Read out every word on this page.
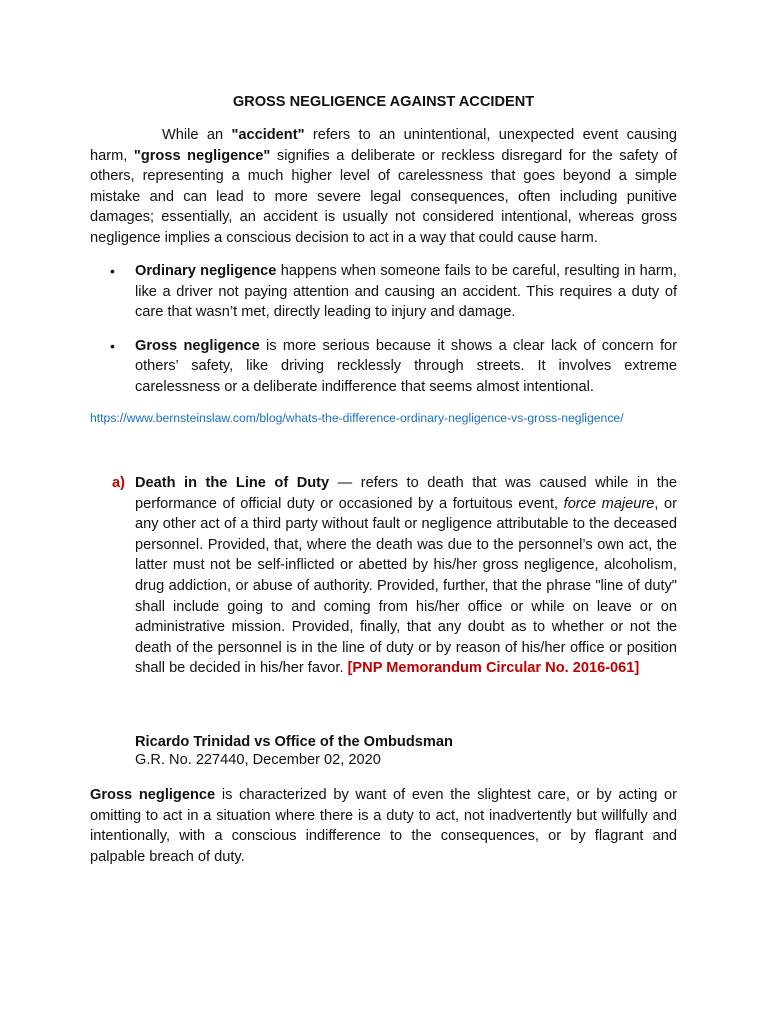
GROSS NEGLIGENCE AGAINST ACCIDENT

While an "accident" refers to an unintentional, unexpected event causing harm, "gross negligence" signifies a deliberate or reckless disregard for the safety of others, representing a much higher level of carelessness that goes beyond a simple mistake and can lead to more severe legal consequences, often including punitive damages; essentially, an accident is usually not considered intentional, whereas gross negligence implies a conscious decision to act in a way that could cause harm.

• Ordinary negligence happens when someone fails to be careful, resulting in harm, like a driver not paying attention and causing an accident. This requires a duty of care that wasn’t met, directly leading to injury and damage.
• Gross negligence is more serious because it shows a clear lack of concern for others’ safety, like driving recklessly through streets. It involves extreme carelessness or a deliberate indifference that seems almost intentional.
https://www.bernsteinslaw.com/blog/whats-the-difference-ordinary-negligence-vs-gross-negligence/

a) Death in the Line of Duty — refers to death that was caused while in the performance of official duty or occasioned by a fortuitous event, force majeure, or any other act of a third party without fault or negligence attributable to the deceased personnel. Provided, that, where the death was due to the personnel’s own act, the latter must not be self-inflicted or abetted by his/her gross negligence, alcoholism, drug addiction, or abuse of authority. Provided, further, that the phrase "line of duty" shall include going to and coming from his/her office or while on leave or on administrative mission. Provided, finally, that any doubt as to whether or not the death of the personnel is in the line of duty or by reason of his/her office or position shall be decided in his/her favor. [PNP Memorandum Circular No. 2016-061]

Ricardo Trinidad vs Office of the Ombudsman
G.R. No. 227440, December 02, 2020

Gross negligence is characterized by want of even the slightest care, or by acting or omitting to act in a situation where there is a duty to act, not inadvertently but willfully and intentionally, with a conscious indifference to the consequences, or by flagrant and palpable breach of duty.
